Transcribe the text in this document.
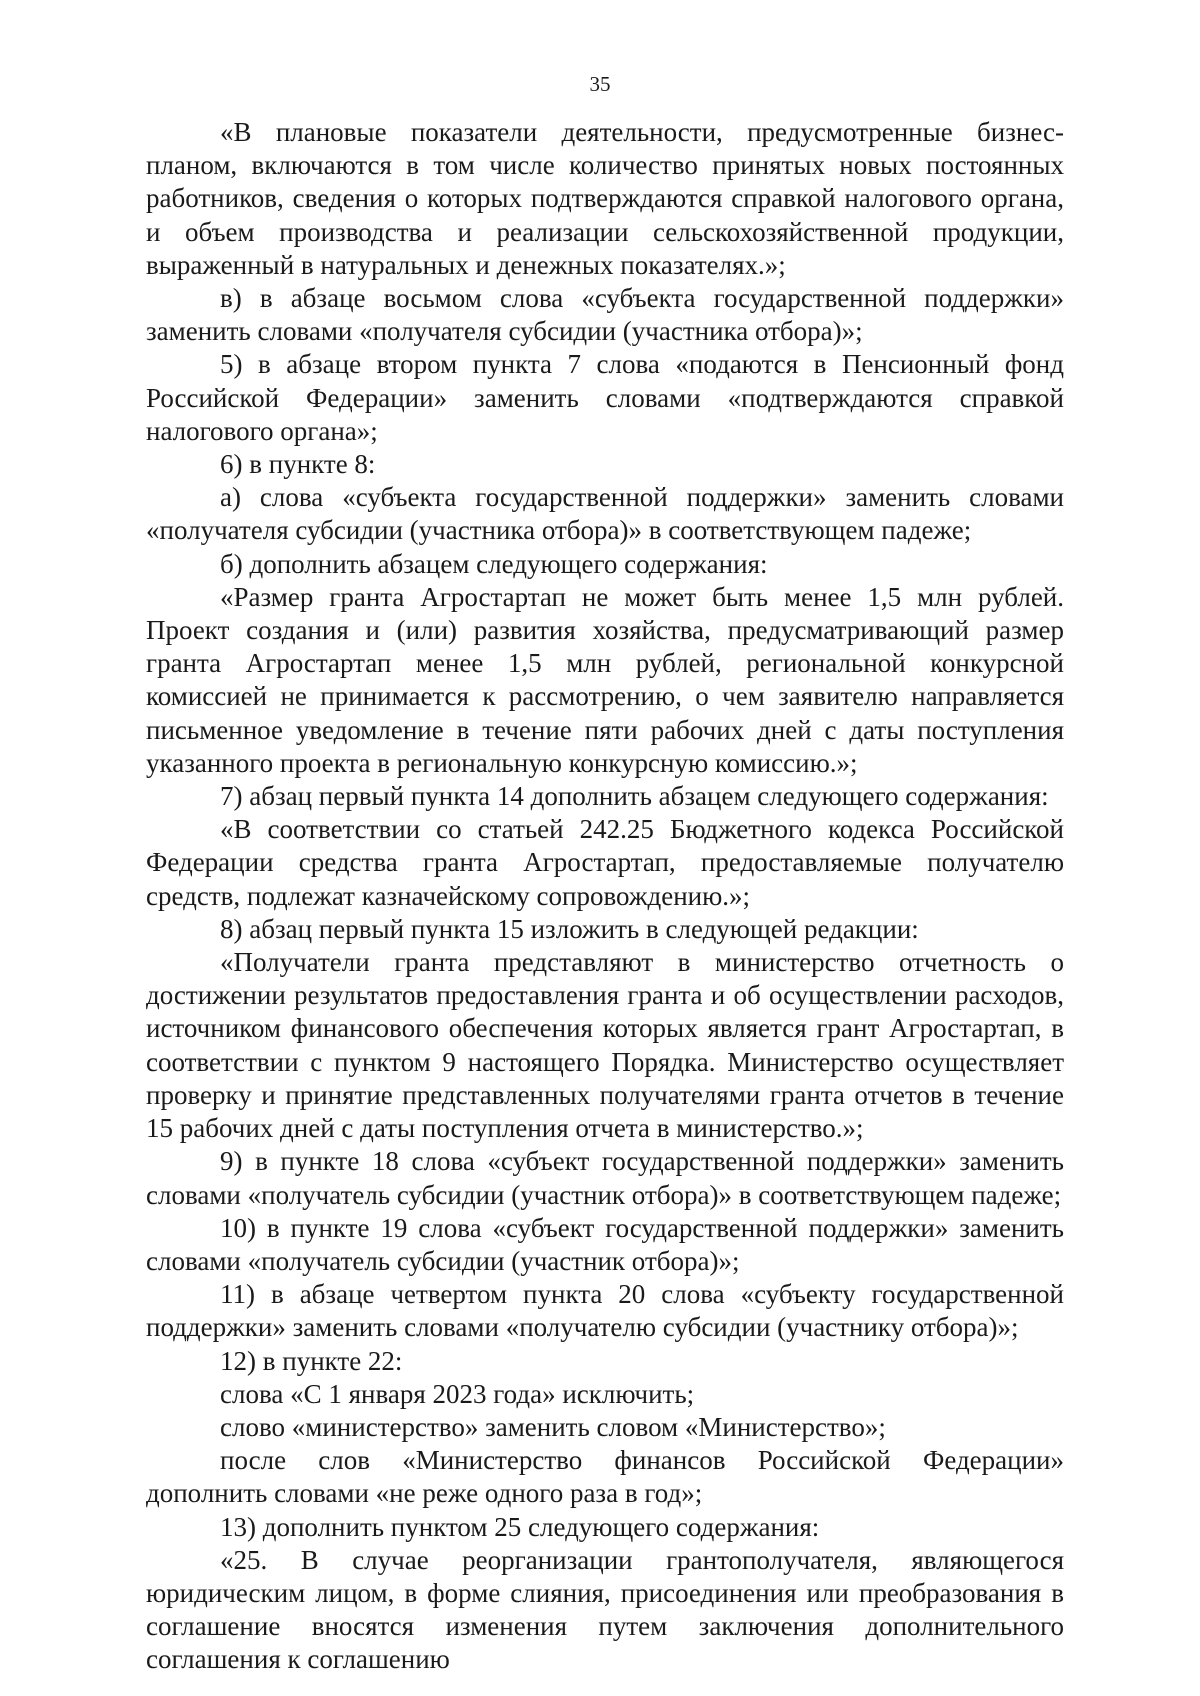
35

«В плановые показатели деятельности, предусмотренные бизнес-планом, включаются в том числе количество принятых новых постоянных работников, сведения о которых подтверждаются справкой налогового органа, и объем производства и реализации сельскохозяйственной продукции, выраженный в натуральных и денежных показателях.»;

в) в абзаце восьмом слова «субъекта государственной поддержки» заменить словами «получателя субсидии (участника отбора)»;

5) в абзаце втором пункта 7 слова «подаются в Пенсионный фонд Российской Федерации» заменить словами «подтверждаются справкой налогового органа»;

6) в пункте 8:

а) слова «субъекта государственной поддержки» заменить словами «получателя субсидии (участника отбора)» в соответствующем падеже;

б) дополнить абзацем следующего содержания:

«Размер гранта Агростартап не может быть менее 1,5 млн рублей. Проект создания и (или) развития хозяйства, предусматривающий размер гранта Агростартап менее 1,5 млн рублей, региональной конкурсной комиссией не принимается к рассмотрению, о чем заявителю направляется письменное уведомление в течение пяти рабочих дней с даты поступления указанного проекта в региональную конкурсную комиссию.»;

7) абзац первый пункта 14 дополнить абзацем следующего содержания:

«В соответствии со статьей 242.25 Бюджетного кодекса Российской Федерации средства гранта Агростартап, предоставляемые получателю средств, подлежат казначейскому сопровождению.»;

8) абзац первый пункта 15 изложить в следующей редакции:

«Получатели гранта представляют в министерство отчетность о достижении результатов предоставления гранта и об осуществлении расходов, источником финансового обеспечения которых является грант Агростартап, в соответствии с пунктом 9 настоящего Порядка. Министерство осуществляет проверку и принятие представленных получателями гранта отчетов в течение 15 рабочих дней с даты поступления отчета в министерство.»;

9) в пункте 18 слова «субъект государственной поддержки» заменить словами «получатель субсидии (участник отбора)» в соответствующем падеже;

10) в пункте 19 слова «субъект государственной поддержки» заменить словами «получатель субсидии (участник отбора)»;

11) в абзаце четвертом пункта 20 слова «субъекту государственной поддержки» заменить словами «получателю субсидии (участнику отбора)»;

12) в пункте 22:

слова «С 1 января 2023 года» исключить;

слово «министерство» заменить словом «Министерство»;

после слов «Министерство финансов Российской Федерации» дополнить словами «не реже одного раза в год»;

13) дополнить пунктом 25 следующего содержания:

«25. В случае реорганизации грантополучателя, являющегося юридическим лицом, в форме слияния, присоединения или преобразования в соглашение вносятся изменения путем заключения дополнительного соглашения к соглашению
